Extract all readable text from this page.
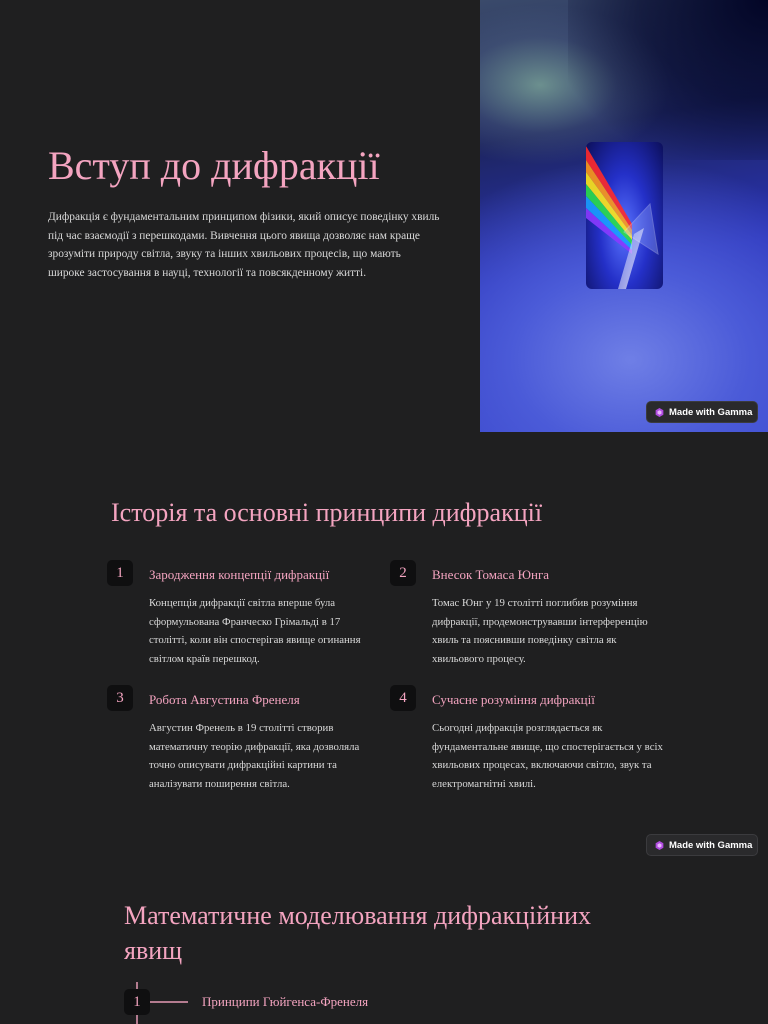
Вступ до дифракції

Дифракція є фундаментальним принципом фізики, який описує поведінку хвиль під час взаємодії з перешкодами. Вивчення цього явища дозволяє нам краще зрозуміти природу світла, звуку та інших хвильових процесів, що мають широке застосування в науці, технології та повсякденному житті.

Made with Gamma
Історія та основні принципи дифракції
1	Зародження концепції дифракції

Концепція дифракції світла вперше була сформульована Франческо Грімальді в 17 столітті, коли він спостерігав явище огинання світлом країв перешкод.

2	Внесок Томаса Юнга

Томас Юнг у 19 столітті поглибив розуміння дифракції, продемонструвавши інтерференцію хвиль та пояснивши поведінку світла як хвильового процесу.

3	Робота Августина Френеля

Августин Френель в 19 столітті створив математичну теорію дифракції, яка дозволяла точно описувати дифракційні картини та аналізувати поширення світла.

4	Сучасне розуміння дифракції

Сьогодні дифракція розглядається як фундаментальне явище, що спостерігається у всіх хвильових процесах, включаючи світло, звук та електромагнітні хвилі.

Made with Gamma
Математичне моделювання дифракційних явищ
1	Принципи Гюйгенса-Френеля
